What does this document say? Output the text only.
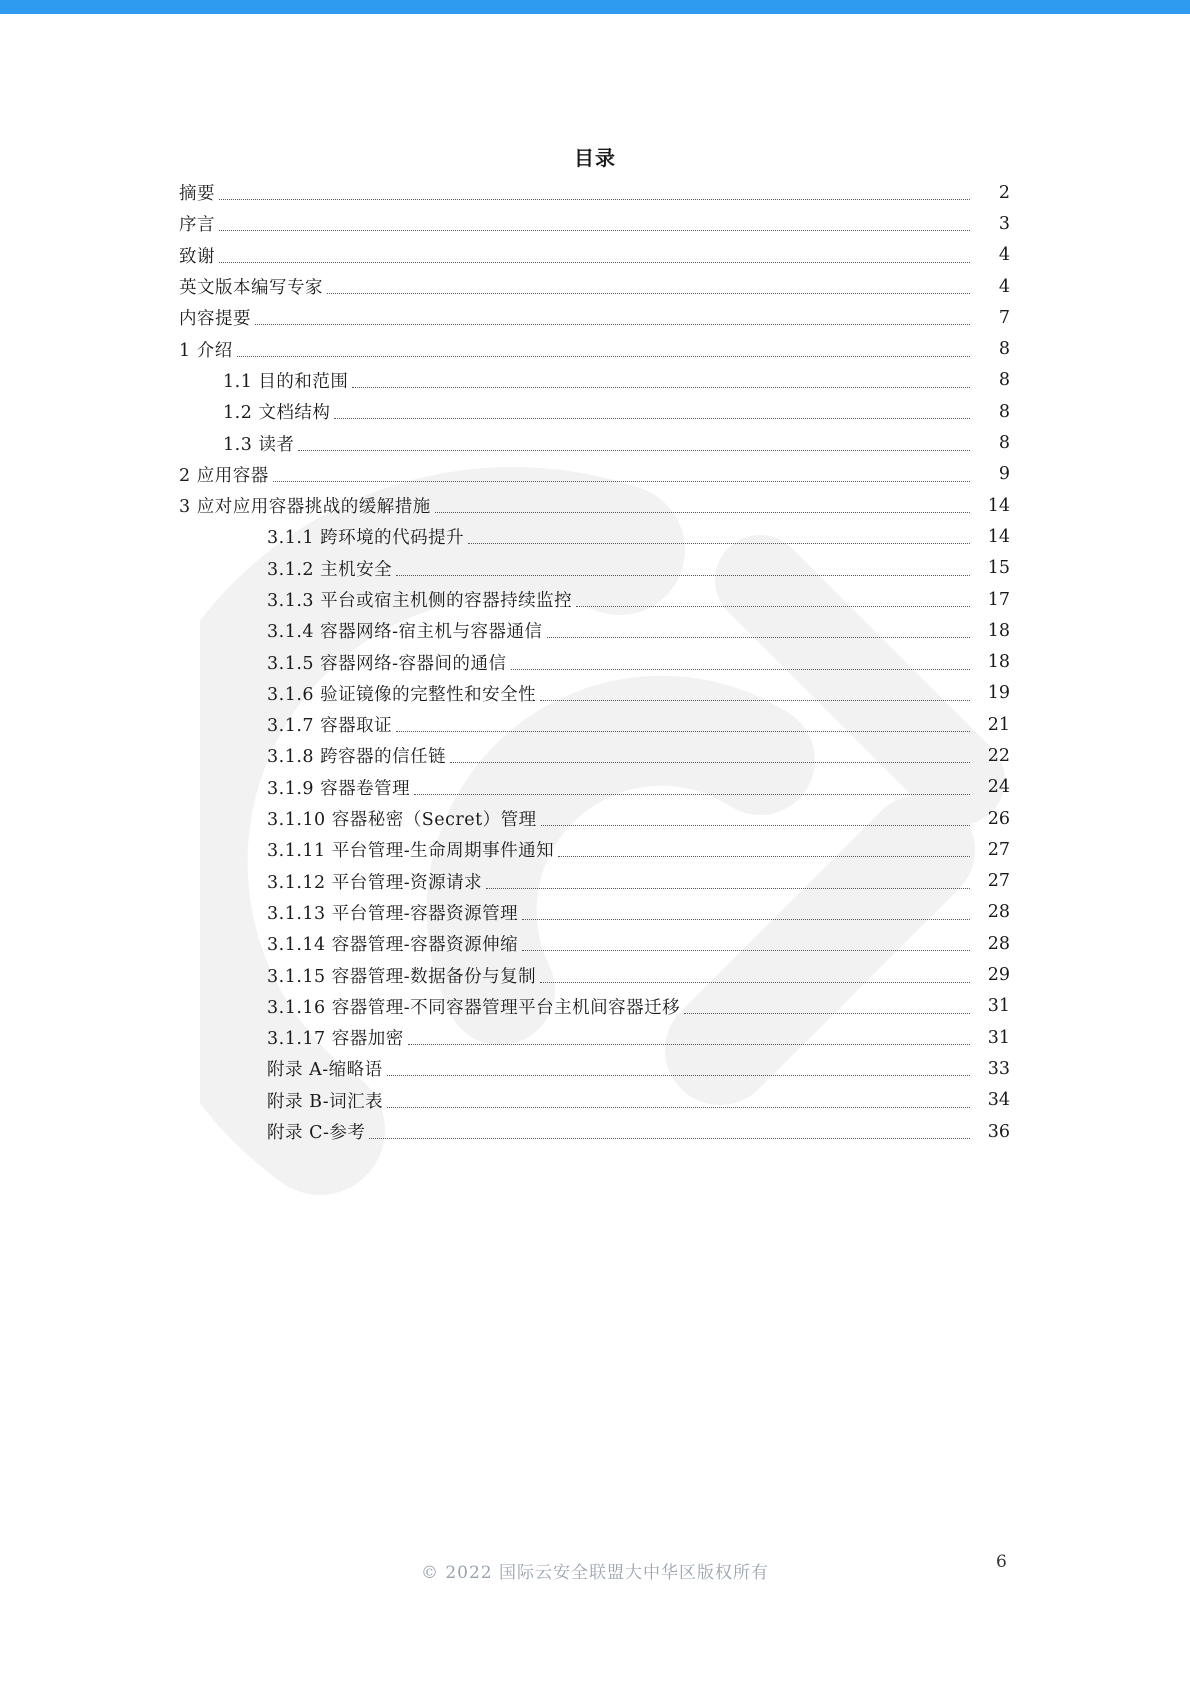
目录
摘要	2
序言	3
致谢	4
英文版本编写专家	4
内容提要	7
1 介绍	8
1.1 目的和范围	8
1.2 文档结构	8
1.3 读者	8
2 应用容器	9
3 应对应用容器挑战的缓解措施	14
3.1.1 跨环境的代码提升	14
3.1.2 主机安全	15
3.1.3 平台或宿主机侧的容器持续监控	17
3.1.4 容器网络-宿主机与容器通信	18
3.1.5 容器网络-容器间的通信	18
3.1.6 验证镜像的完整性和安全性	19
3.1.7 容器取证	21
3.1.8 跨容器的信任链	22
3.1.9 容器卷管理	24
3.1.10 容器秘密（Secret）管理	26
3.1.11 平台管理-生命周期事件通知	27
3.1.12 平台管理-资源请求	27
3.1.13 平台管理-容器资源管理	28
3.1.14 容器管理-容器资源伸缩	28
3.1.15 容器管理-数据备份与复制	29
3.1.16 容器管理-不同容器管理平台主机间容器迁移	31
3.1.17 容器加密	31
附录 A-缩略语	33
附录 B-词汇表	34
附录 C-参考	36
© 2022 国际云安全联盟大中华区版权所有
6
